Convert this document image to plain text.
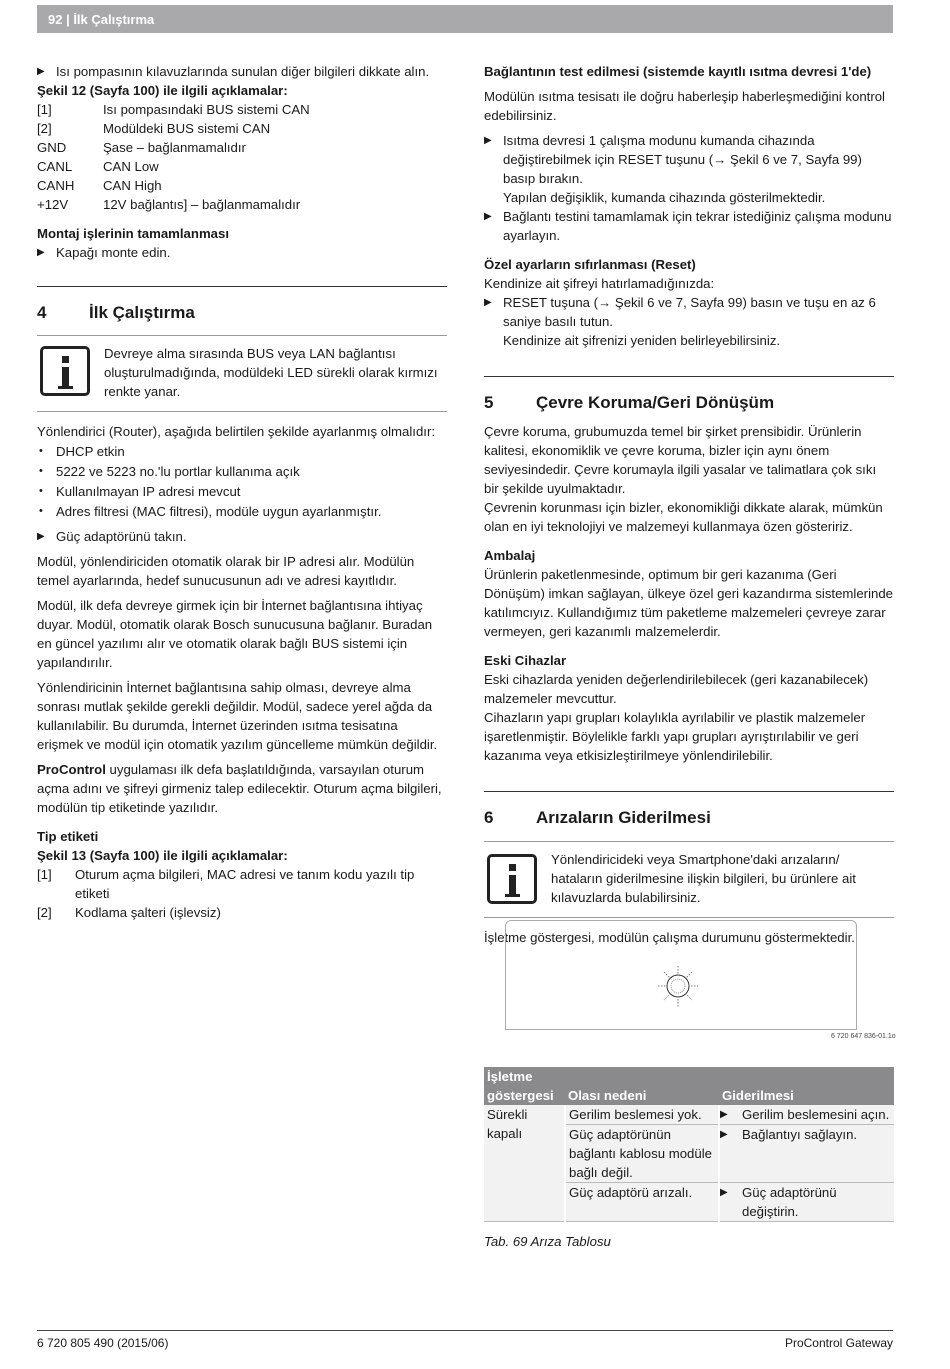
92 | İlk Çalıştırma

▶ Isı pompasının kılavuzlarında sunulan diğer bilgileri dikkate alın.

Şekil 12 (Sayfa 100) ile ilgili açıklamalar:

[1]	Isı pompasındaki BUS sistemi CAN
[2]	Modüldeki BUS sistemi CAN
GND	Şase – bağlanmamalıdır
CANL	CAN Low
CANH	CAN High
+12V	12V bağlantıs] – bağlanmamalıdır

Montaj işlerinin tamamlanması

▶ Kapağı monte edin.

4	İlk Çalıştırma

Devreye alma sırasında BUS veya LAN bağlantısı oluşturulmadığında, modüldeki LED sürekli olarak kırmızı renkte yanar.

Yönlendirici (Router), aşağıda belirtilen şekilde ayarlanmış olmalıdır:

• DHCP etkin

• 5222 ve 5223 no.'lu portlar kullanıma açık

• Kullanılmayan IP adresi mevcut

• Adres filtresi (MAC filtresi), modüle uygun ayarlanmıştır.

▶ Güç adaptörünü takın.

Modül, yönlendiriciden otomatik olarak bir IP adresi alır. Modülün temel ayarlarında, hedef sunucusunun adı ve adresi kayıtlıdır.

Modül, ilk defa devreye girmek için bir İnternet bağlantısına ihtiyaç duyar. Modül, otomatik olarak Bosch sunucusuna bağlanır. Buradan en güncel yazılımı alır ve otomatik olarak bağlı BUS sistemi için yapılandırılır.

Yönlendiricinin İnternet bağlantısına sahip olması, devreye alma sonrası mutlak şekilde gerekli değildir. Modül, sadece yerel ağda da kullanılabilir. Bu durumda, İnternet üzerinden ısıtma tesisatına erişmek ve modül için otomatik yazılım güncelleme mümkün değildir.

ProControl uygulaması ilk defa başlatıldığında, varsayılan oturum açma adını ve şifreyi girmeniz talep edilecektir. Oturum açma bilgileri, modülün tip etiketinde yazılıdır.

Tip etiketi

Şekil 13 (Sayfa 100) ile ilgili açıklamalar:

[1]	Oturum açma bilgileri, MAC adresi ve tanım kodu yazılı tip etiketi
[2]	Kodlama şalteri (işlevsiz)

Bağlantının test edilmesi (sistemde kayıtlı ısıtma devresi 1'de)

Modülün ısıtma tesisatı ile doğru haberleşip haberleşmediğini kontrol edebilirsiniz.

▶ Isıtma devresi 1 çalışma modunu kumanda cihazında değiştirebilmek için RESET tuşunu (→ Şekil 6 ve 7, Sayfa 99) basıp bırakın.

Yapılan değişiklik, kumanda cihazında gösterilmektedir.

▶ Bağlantı testini tamamlamak için tekrar istediğiniz çalışma modunu ayarlayın.

Özel ayarların sıfırlanması (Reset)

Kendinize ait şifreyi hatırlamadığınızda:

▶ RESET tuşuna (→ Şekil 6 ve 7, Sayfa 99) basın ve tuşu en az 6 saniye basılı tutun.

Kendinize ait şifrenizi yeniden belirleyebilirsiniz.

5	Çevre Koruma/Geri Dönüşüm

Çevre koruma, grubumuzda temel bir şirket prensibidir. Ürünlerin kalitesi, ekonomiklik ve çevre koruma, bizler için aynı önem seviyesindedir. Çevre korumayla ilgili yasalar ve talimatlara çok sıkı bir şekilde uyulmaktadır.

Çevrenin korunması için bizler, ekonomikliği dikkate alarak, mümkün olan en iyi teknolojiyi ve malzemeyi kullanmaya özen gösteririz.

Ambalaj

Ürünlerin paketlenmesinde, optimum bir geri kazanıma (Geri Dönüşüm) imkan sağlayan, ülkeye özel geri kazandırma sistemlerinde katılımcıyız. Kullandığımız tüm paketleme malzemeleri çevreye zarar vermeyen, geri kazanımlı malzemelerdir.

Eski Cihazlar

Eski cihazlarda yeniden değerlendirilebilecek (geri kazanabilecek) malzemeler mevcuttur.

Cihazların yapı grupları kolaylıkla ayrılabilir ve plastik malzemeler işaretlenmiştir. Böylelikle farklı yapı grupları ayrıştırılabilir ve geri kazanıma veya etkisizleştirilmeye yönlendirilebilir.

6	Arızaların Giderilmesi

Yönlendiricideki veya Smartphone'daki arızaların/ hataların giderilmesine ilişkin bilgileri, bu ürünlere ait kılavuzlarda bulabilirsiniz.

İşletme göstergesi, modülün çalışma durumunu göstermektedir.

6 720 647 836-01.1o
İşletme göstergesi	Olası nedeni	Giderilmesi
Sürekli kapalı	Gerilim beslemesi yok.	▶ Gerilim beslemesini açın.
	Güç adaptörünün bağlantı kablosu modüle bağlı değil.	▶ Bağlantıyı sağlayın.
	Güç adaptörü arızalı.	▶ Güç adaptörünü değiştirin.
Tab. 69 Arıza Tablosu
6 720 805 490 (2015/06)	ProControl Gateway
